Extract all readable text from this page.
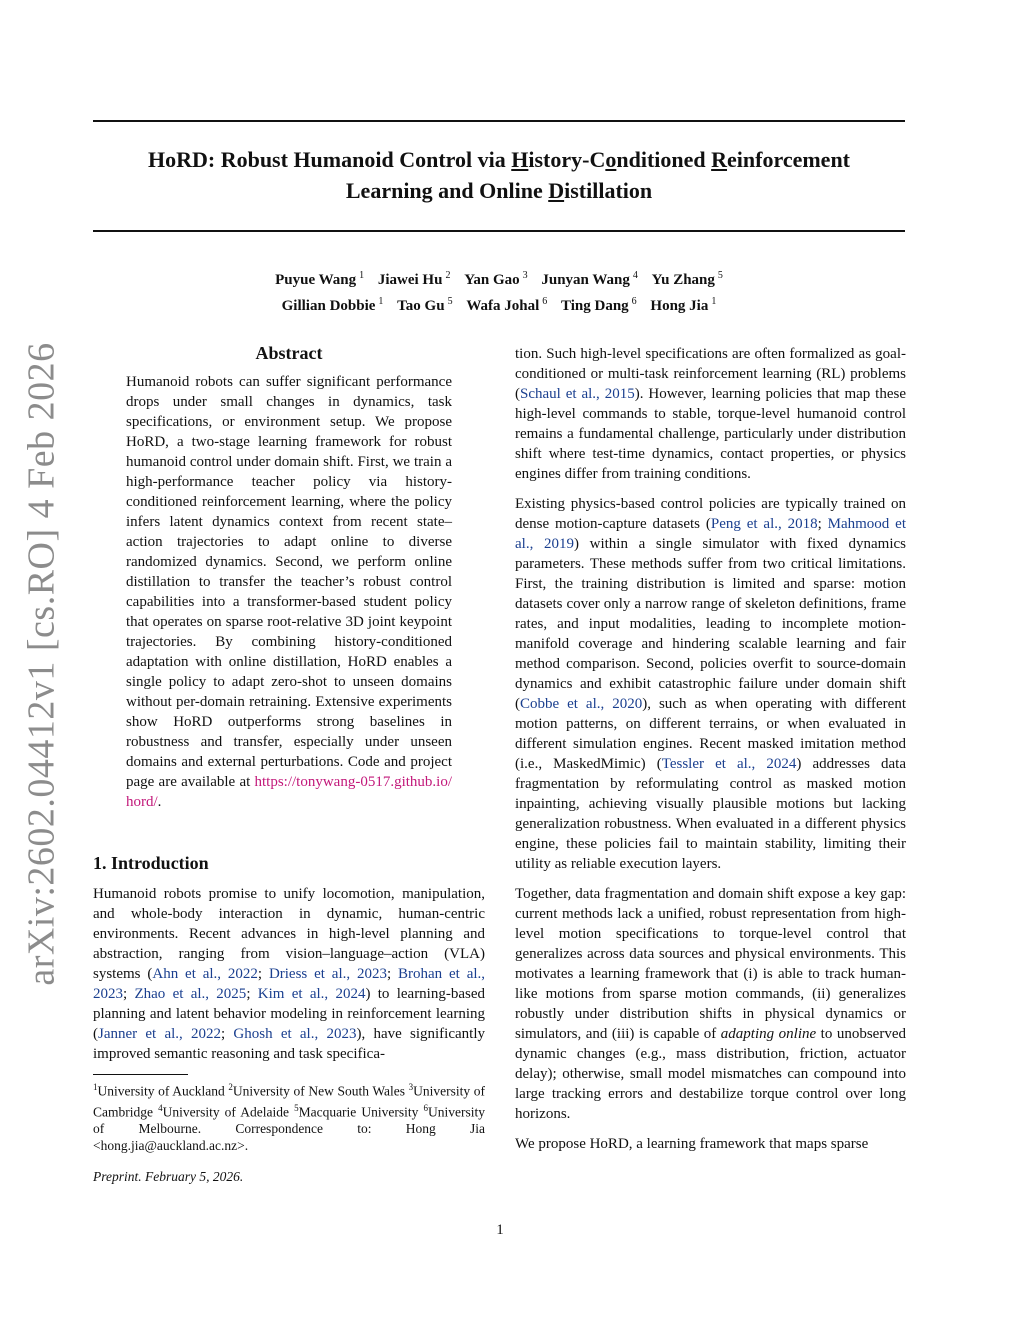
arXiv:2602.04412v1 [cs.RO] 4 Feb 2026
HoRD: Robust Humanoid Control via History-Conditioned Reinforcement
Learning and Online Distillation
Puyue Wang $^1$ Jiawei Hu $^2$ Yan Gao $^3$ Junyan Wang $^4$ Yu Zhang $^5$
Gillian Dobbie $^1$ Tao Gu $^5$ Wafa Johal $^6$ Ting Dang $^6$ Hong Jia $^1$
Abstract

Humanoid robots can suffer significant performance drops under small changes in dynamics, task specifications, or environment setup. We propose HoRD, a two-stage learning framework for robust humanoid control under domain shift. First, we train a high-performance teacher policy via history-conditioned reinforcement learning, where the policy infers latent dynamics context from recent state–action trajectories to adapt online to diverse randomized dynamics. Second, we perform online distillation to transfer the teacher’s robust control capabilities into a transformer-based student policy that operates on sparse root-relative 3D joint keypoint trajectories. By combining history-conditioned adaptation with online distillation, HoRD enables a single policy to adapt zero-shot to unseen domains without per-domain retraining. Extensive experiments show HoRD outperforms strong baselines in robustness and transfer, especially under unseen domains and external perturbations. Code and project page are available at https://tonywang-0517.github.io/hord/.

1. Introduction

Humanoid robots promise to unify locomotion, manipulation, and whole-body interaction in dynamic, human-centric environments. Recent advances in high-level planning and abstraction, ranging from vision–language–action (VLA) systems (Ahn et al., 2022; Driess et al., 2023; Brohan et al., 2023; Zhao et al., 2025; Kim et al., 2024) to learning-based planning and latent behavior modeling in reinforcement learning (Janner et al., 2022; Ghosh et al., 2023), have significantly improved semantic reasoning and task specifica-

$^1$University of Auckland $^2$University of New South Wales $^3$University of Cambridge $^4$University of Adelaide $^5$Macquarie University $^6$University of Melbourne. Correspondence to: Hong Jia <hong.jia@auckland.ac.nz>.
Preprint. February 5, 2026.

tion. Such high-level specifications are often formalized as goal-conditioned or multi-task reinforcement learning (RL) problems (Schaul et al., 2015). However, learning policies that map these high-level commands to stable, torque-level humanoid control remains a fundamental challenge, particularly under distribution shift where test-time dynamics, contact properties, or physics engines differ from training conditions.

Existing physics-based control policies are typically trained on dense motion-capture datasets (Peng et al., 2018; Mahmood et al., 2019) within a single simulator with fixed dynamics parameters. These methods suffer from two critical limitations. First, the training distribution is limited and sparse: motion datasets cover only a narrow range of skeleton definitions, frame rates, and input modalities, leading to incomplete motion-manifold coverage and hindering scalable learning and fair method comparison. Second, policies overfit to source-domain dynamics and exhibit catastrophic failure under domain shift (Cobbe et al., 2020), such as when operating with different motion patterns, on different terrains, or when evaluated in different simulation engines. Recent masked imitation method (i.e., MaskedMimic) (Tessler et al., 2024) addresses data fragmentation by reformulating control as masked motion inpainting, achieving visually plausible motions but lacking generalization robustness. When evaluated in a different physics engine, these policies fail to maintain stability, limiting their utility as reliable execution layers.

Together, data fragmentation and domain shift expose a key gap: current methods lack a unified, robust representation from high-level motion specifications to torque-level control that generalizes across data sources and physical environments. This motivates a learning framework that (i) is able to track human-like motions from sparse motion commands, (ii) generalizes robustly under distribution shifts in physical dynamics or simulators, and (iii) is capable of adapting online to unobserved dynamic changes (e.g., mass distribution, friction, actuator delay); otherwise, small model mismatches can compound into large tracking errors and destabilize torque control over long horizons.

We propose HoRD, a learning framework that maps sparse

1
